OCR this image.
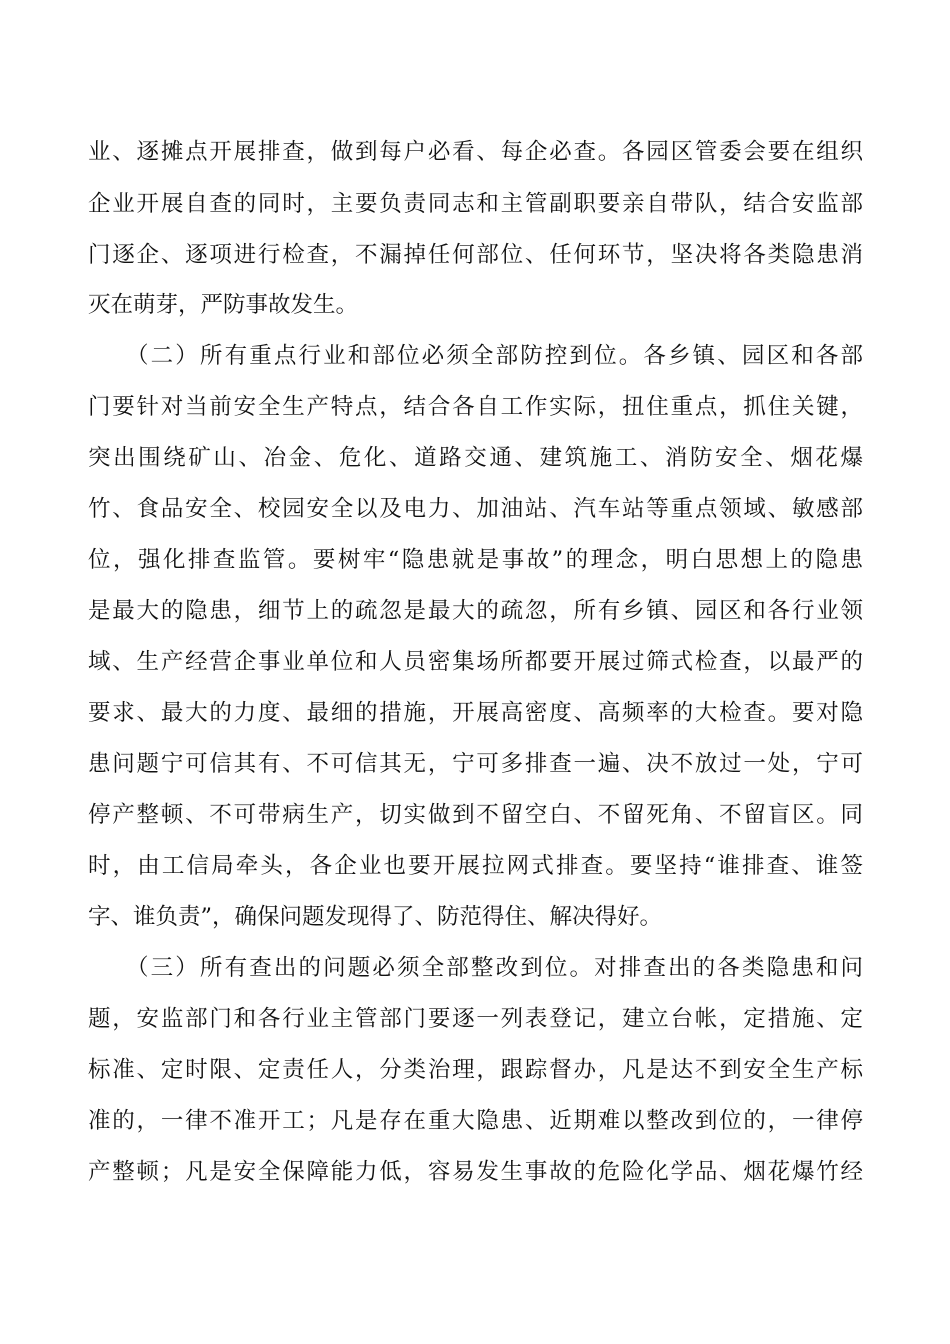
业、逐摊点开展排查，做到每户必看、每企必查。各园区管委会要在组织
企业开展自查的同时，主要负责同志和主管副职要亲自带队，结合安监部
门逐企、逐项进行检查，不漏掉任何部位、任何环节，坚决将各类隐患消
灭在萌芽，严防事故发生。
　　（二）所有重点行业和部位必须全部防控到位。各乡镇、园区和各部
门要针对当前安全生产特点，结合各自工作实际，扭住重点，抓住关键，
突出围绕矿山、冶金、危化、道路交通、建筑施工、消防安全、烟花爆
竹、食品安全、校园安全以及电力、加油站、汽车站等重点领域、敏感部
位，强化排查监管。要树牢“隐患就是事故”的理念，明白思想上的隐患
是最大的隐患，细节上的疏忽是最大的疏忽，所有乡镇、园区和各行业领
域、生产经营企事业单位和人员密集场所都要开展过筛式检查，以最严的
要求、最大的力度、最细的措施，开展高密度、高频率的大检查。要对隐
患问题宁可信其有、不可信其无，宁可多排查一遍、决不放过一处，宁可
停产整顿、不可带病生产，切实做到不留空白、不留死角、不留盲区。同
时，由工信局牵头，各企业也要开展拉网式排查。要坚持“谁排查、谁签
字、谁负责”，确保问题发现得了、防范得住、解决得好。
　　（三）所有查出的问题必须全部整改到位。对排查出的各类隐患和问
题，安监部门和各行业主管部门要逐一列表登记，建立台帐，定措施、定
标准、定时限、定责任人，分类治理，跟踪督办，凡是达不到安全生产标
准的，一律不准开工；凡是存在重大隐患、近期难以整改到位的，一律停
产整顿；凡是安全保障能力低，容易发生事故的危险化学品、烟花爆竹经
